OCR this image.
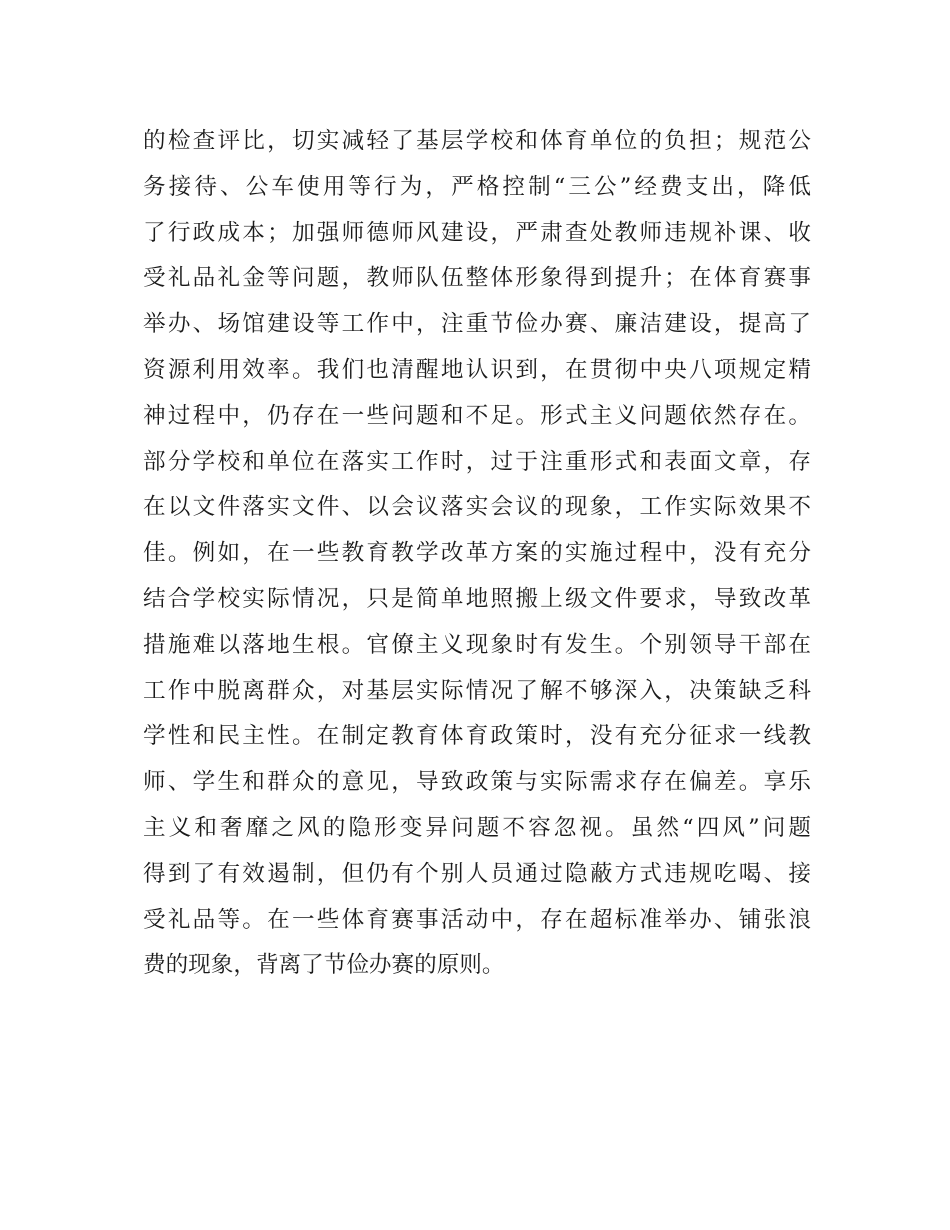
的检查评比，切实减轻了基层学校和体育单位的负担；规范公
务接待、公车使用等行为，严格控制“三公”经费支出，降低
了行政成本；加强师德师风建设，严肃查处教师违规补课、收
受礼品礼金等问题，教师队伍整体形象得到提升；在体育赛事
举办、场馆建设等工作中，注重节俭办赛、廉洁建设，提高了
资源利用效率。我们也清醒地认识到，在贯彻中央八项规定精
神过程中，仍存在一些问题和不足。形式主义问题依然存在。
部分学校和单位在落实工作时，过于注重形式和表面文章，存
在以文件落实文件、以会议落实会议的现象，工作实际效果不
佳。例如，在一些教育教学改革方案的实施过程中，没有充分
结合学校实际情况，只是简单地照搬上级文件要求，导致改革
措施难以落地生根。官僚主义现象时有发生。个别领导干部在
工作中脱离群众，对基层实际情况了解不够深入，决策缺乏科
学性和民主性。在制定教育体育政策时，没有充分征求一线教
师、学生和群众的意见，导致政策与实际需求存在偏差。享乐
主义和奢靡之风的隐形变异问题不容忽视。虽然“四风”问题
得到了有效遏制，但仍有个别人员通过隐蔽方式违规吃喝、接
受礼品等。在一些体育赛事活动中，存在超标准举办、铺张浪
费的现象，背离了节俭办赛的原则。
